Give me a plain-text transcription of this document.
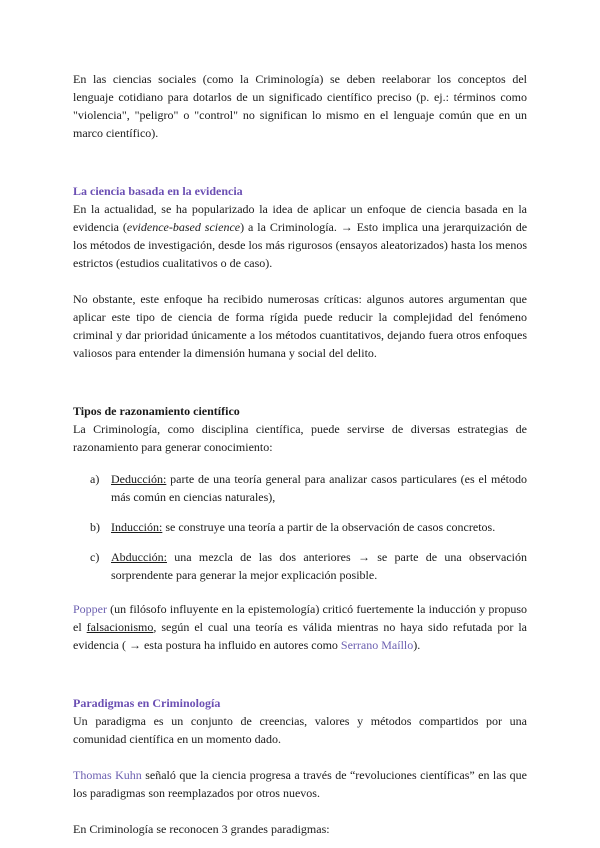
En las ciencias sociales (como la Criminología) se deben reelaborar los conceptos del lenguaje cotidiano para dotarlos de un significado científico preciso (p. ej.: términos como "violencia", "peligro" o "control" no significan lo mismo en el lenguaje común que en un marco científico).

La ciencia basada en la evidencia

En la actualidad, se ha popularizado la idea de aplicar un enfoque de ciencia basada en la evidencia (evidence-based science) a la Criminología. → Esto implica una jerarquización de los métodos de investigación, desde los más rigurosos (ensayos aleatorizados) hasta los menos estrictos (estudios cualitativos o de caso).

No obstante, este enfoque ha recibido numerosas críticas: algunos autores argumentan que aplicar este tipo de ciencia de forma rígida puede reducir la complejidad del fenómeno criminal y dar prioridad únicamente a los métodos cuantitativos, dejando fuera otros enfoques valiosos para entender la dimensión humana y social del delito.

Tipos de razonamiento científico

La Criminología, como disciplina científica, puede servirse de diversas estrategias de razonamiento para generar conocimiento:

a) Deducción: parte de una teoría general para analizar casos particulares (es el método más común en ciencias naturales),
b) Inducción: se construye una teoría a partir de la observación de casos concretos.
c) Abducción: una mezcla de las dos anteriores → se parte de una observación sorprendente para generar la mejor explicación posible.

Popper (un filósofo influyente en la epistemología) criticó fuertemente la inducción y propuso el falsacionismo, según el cual una teoría es válida mientras no haya sido refutada por la evidencia ( → esta postura ha influido en autores como Serrano Maíllo).

Paradigmas en Criminología

Un paradigma es un conjunto de creencias, valores y métodos compartidos por una comunidad científica en un momento dado.

Thomas Kuhn señaló que la ciencia progresa a través de “revoluciones científicas” en las que los paradigmas son reemplazados por otros nuevos.

En Criminología se reconocen 3 grandes paradigmas:
